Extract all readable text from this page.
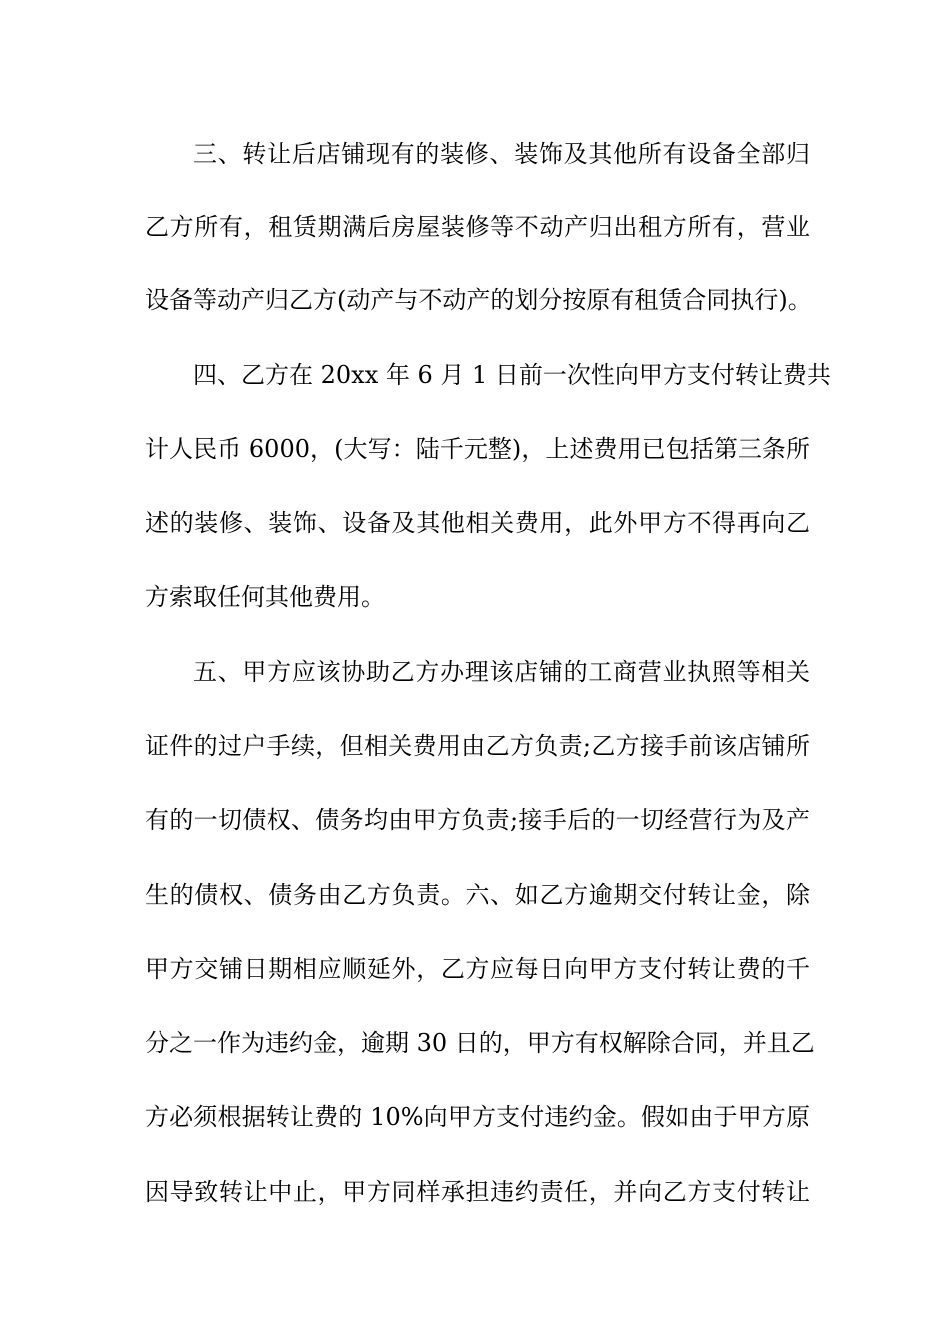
三、转让后店铺现有的装修、装饰及其他所有设备全部归
乙方所有，租赁期满后房屋装修等不动产归出租方所有，营业
设备等动产归乙方(动产与不动产的划分按原有租赁合同执行)。
四、乙方在 20xx 年 6 月 1 日前一次性向甲方支付转让费共
计人民币 6000，(大写：陆千元整)，上述费用已包括第三条所
述的装修、装饰、设备及其他相关费用，此外甲方不得再向乙
方索取任何其他费用。
五、甲方应该协助乙方办理该店铺的工商营业执照等相关
证件的过户手续，但相关费用由乙方负责;乙方接手前该店铺所
有的一切债权、债务均由甲方负责;接手后的一切经营行为及产
生的债权、债务由乙方负责。六、如乙方逾期交付转让金，除
甲方交铺日期相应顺延外，乙方应每日向甲方支付转让费的千
分之一作为违约金，逾期 30 日的，甲方有权解除合同，并且乙
方必须根据转让费的 10%向甲方支付违约金。假如由于甲方原
因导致转让中止，甲方同样承担违约责任，并向乙方支付转让
